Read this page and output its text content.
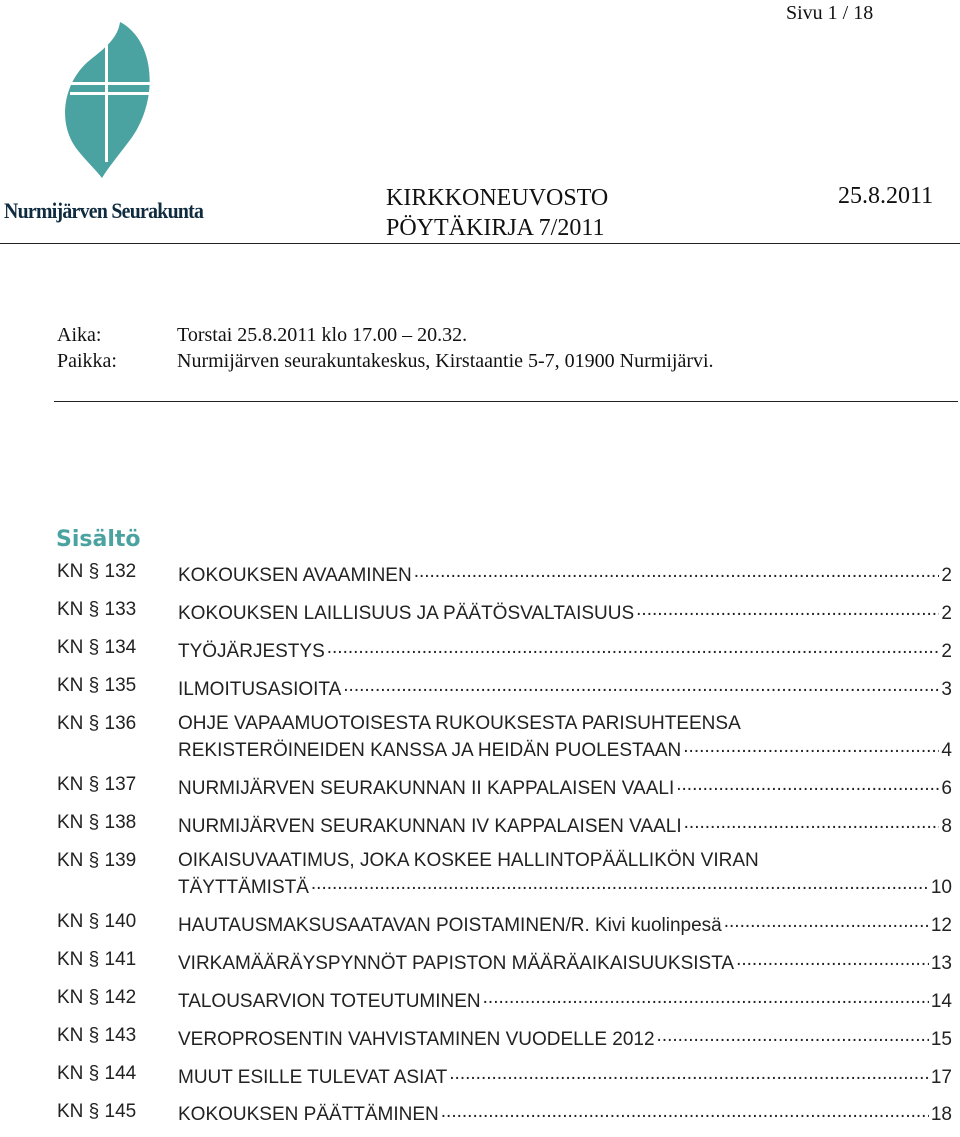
Sivu 1 / 18
Nurmijärven Seurakunta	KIRKKONEUVOSTO
PÖYTÄKIRJA 7/2011
25.8.2011
Aika:	Torstai 25.8.2011 klo 17.00 – 20.32.
Paikka:	Nurmijärven seurakuntakeskus, Kirstaantie 5-7, 01900 Nurmijärvi.
Sisältö
KN § 132 KOKOUKSEN AVAAMINEN .....	2
KN § 133 KOKOUKSEN LAILLISUUS JA PÄÄTÖSVALTAISUUS .....	2
KN § 134 TYÖJÄRJESTYS .....	2
KN § 135 ILMOITUSASIOITA .....	3
KN § 136 OHJE VAPAAMUOTOISESTA RUKOUKSESTA PARISUHTEENSA
REKISTERÖINEIDEN KANSSA JA HEIDÄN PUOLESTAAN .....	4
KN § 137 NURMIJÄRVEN SEURAKUNNAN II KAPPALAISEN VAALI .....	6
KN § 138 NURMIJÄRVEN SEURAKUNNAN IV KAPPALAISEN VAALI .....	8
KN § 139 OIKAISUVAATIMUS, JOKA KOSKEE HALLINTOPÄÄLLIKÖN VIRAN
TÄYTTÄMISTÄ .....	10
KN § 140 HAUTAUSMAKSUSAATAVAN POISTAMINEN/R. Kivi kuolinpesä .....	12
KN § 141 VIRKAMÄÄRÄYSPYNNÖT PAPISTON MÄÄRÄAIKAISUUKSISTA .....	13
KN § 142 TALOUSARVION TOTEUTUMINEN .....	14
KN § 143 VEROPROSENTIN VAHVISTAMINEN VUODELLE 2012 .....	15
KN § 144 MUUT ESILLE TULEVAT ASIAT .....	17
KN § 145 KOKOUKSEN PÄÄTTÄMINEN .....	18
